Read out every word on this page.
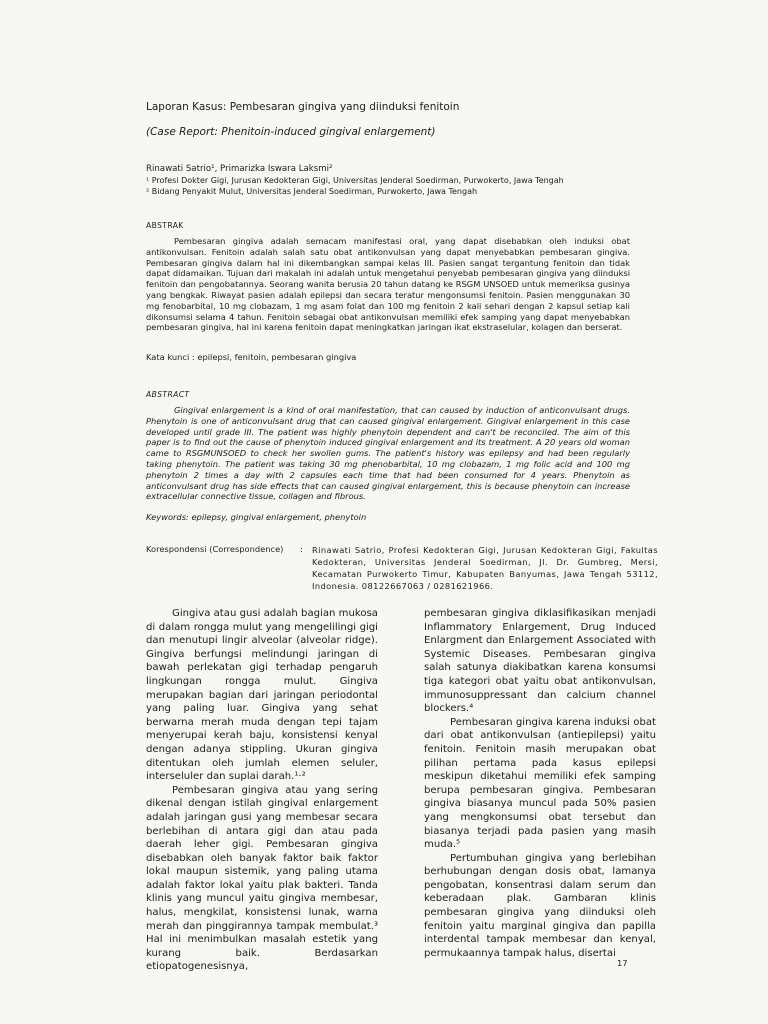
Laporan Kasus: Pembesaran gingiva yang diinduksi fenitoin
(Case Report: Phenitoin-induced gingival enlargement)
Rinawati Satrio¹, Primarizka Iswara Laksmi²
¹ Profesi Dokter Gigi, Jurusan Kedokteran Gigi, Universitas Jenderal Soedirman, Purwokerto, Jawa Tengah
² Bidang Penyakit Mulut, Universitas Jenderal Soedirman, Purwokerto, Jawa Tengah
ABSTRAK
Pembesaran gingiva adalah semacam manifestasi oral, yang dapat disebabkan oleh induksi obat antikonvulsan. Fenitoin adalah salah satu obat antikonvulsan yang dapat menyebabkan pembesaran gingiva. Pembesaran gingiva dalam hal ini dikembangkan sampai kelas III. Pasien sangat tergantung fenitoin dan tidak dapat didamaikan. Tujuan dari makalah ini adalah untuk mengetahui penyebab pembesaran gingiva yang diinduksi fenitoin dan pengobatannya. Seorang wanita berusia 20 tahun datang ke RSGM UNSOED untuk memeriksa gusinya yang bengkak. Riwayat pasien adalah epilepsi dan secara teratur mengonsumsi fenitoin. Pasien menggunakan 30 mg fenobarbital, 10 mg clobazam, 1 mg asam folat dan 100 mg fenitoin 2 kali sehari dengan 2 kapsul setiap kali dikonsumsi selama 4 tahun. Fenitoin sebagai obat antikonvulsan memiliki efek samping yang dapat menyebabkan pembesaran gingiva, hal ini karena fenitoin dapat meningkatkan jaringan ikat ekstraselular, kolagen dan berserat.
Kata kunci : epilepsi, fenitoin, pembesaran gingiva
ABSTRACT
Gingival enlargement is a kind of oral manifestation, that can caused by induction of anticonvulsant drugs. Phenytoin is one of anticonvulsant drug that can caused gingival enlargement. Gingival enlargement in this case developed until grade III. The patient was highly phenytoin dependent and can't be reconciled. The aim of this paper is to find out the cause of phenytoin induced gingival enlargement and its treatment. A 20 years old woman came to RSGMUNSOED to check her swollen gums. The patient's history was epilepsy and had been regularly taking phenytoin. The patient was taking 30 mg phenobarbital, 10 mg clobazam, 1 mg folic acid and 100 mg phenytoin 2 times a day with 2 capsules each time that had been consumed for 4 years. Phenytoin as anticonvulsant drug has side effects that can caused gingival enlargement, this is because phenytoin can increase extracellular connective tissue, collagen and fibrous.
Keywords: epilepsy, gingival enlargement, phenytoin
Korespondensi (Correspondence) : Rinawati Satrio, Profesi Kedokteran Gigi, Jurusan Kedokteran Gigi, Fakultas Kedokteran, Universitas Jenderal Soedirman, Jl. Dr. Gumbreg, Mersi, Kecamatan Purwokerto Timur, Kabupaten Banyumas, Jawa Tengah 53112, Indonesia. 08122667063 / 0281621966.

Gingiva atau gusi adalah bagian mukosa di dalam rongga mulut yang mengelilingi gigi dan menutupi lingir alveolar (alveolar ridge). Gingiva berfungsi melindungi jaringan di bawah perlekatan gigi terhadap pengaruh lingkungan rongga mulut. Gingiva merupakan bagian dari jaringan periodontal yang paling luar. Gingiva yang sehat berwarna merah muda dengan tepi tajam menyerupai kerah baju, konsistensi kenyal dengan adanya stippling. Ukuran gingiva ditentukan oleh jumlah elemen seluler, interseluler dan suplai darah.¹·²

Pembesaran gingiva atau yang sering dikenal dengan istilah gingival enlargement adalah jaringan gusi yang membesar secara berlebihan di antara gigi dan atau pada daerah leher gigi. Pembesaran gingiva disebabkan oleh banyak faktor baik faktor lokal maupun sistemik, yang paling utama adalah faktor lokal yaitu plak bakteri. Tanda klinis yang muncul yaitu gingiva membesar, halus, mengkilat, konsistensi lunak, warna merah dan pinggirannya tampak membulat.³ Hal ini menimbulkan masalah estetik yang kurang baik. Berdasarkan etiopatogenesisnya,

pembesaran gingiva diklasifikasikan menjadi Inflammatory Enlargement, Drug Induced Enlargment dan Enlargement Associated with Systemic Diseases. Pembesaran gingiva salah satunya diakibatkan karena konsumsi tiga kategori obat yaitu obat antikonvulsan, immunosuppressant dan calcium channel blockers.⁴

Pembesaran gingiva karena induksi obat dari obat antikonvulsan (antiepilepsi) yaitu fenitoin. Fenitoin masih merupakan obat pilihan pertama pada kasus epilepsi meskipun diketahui memiliki efek samping berupa pembesaran gingiva. Pembesaran gingiva biasanya muncul pada 50% pasien yang mengkonsumsi obat tersebut dan biasanya terjadi pada pasien yang masih muda.⁵

Pertumbuhan gingiva yang berlebihan berhubungan dengan dosis obat, lamanya pengobatan, konsentrasi dalam serum dan keberadaan plak. Gambaran klinis pembesaran gingiva yang diinduksi oleh fenitoin yaitu marginal gingiva dan papilla interdental tampak membesar dan kenyal, permukaannya tampak halus, disertai

17
